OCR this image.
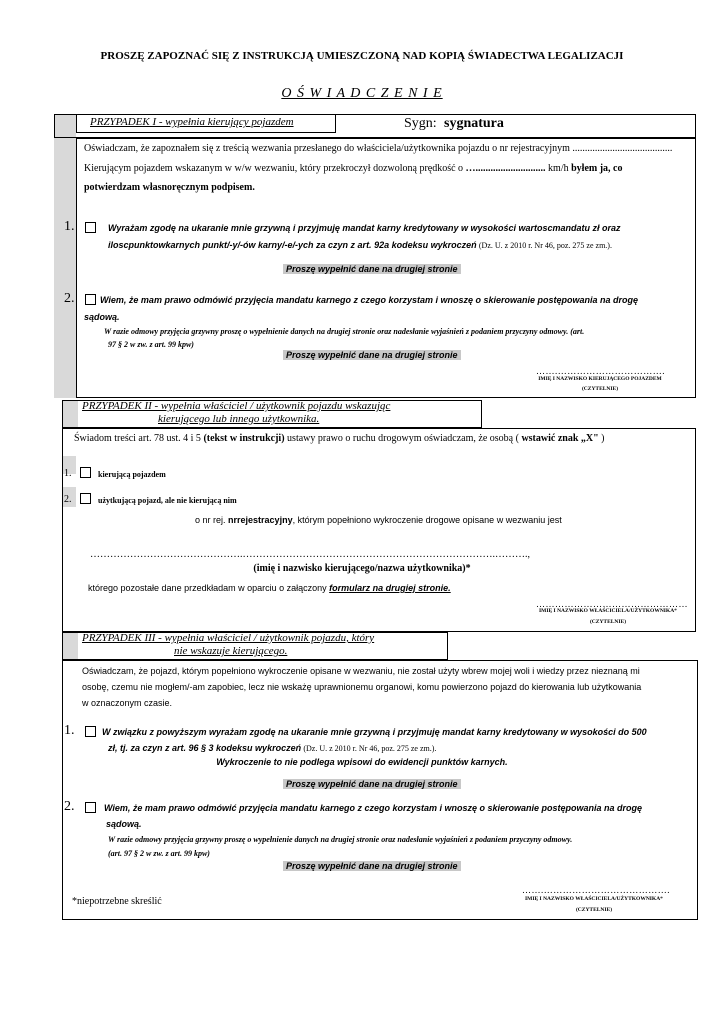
PROSZĘ ZAPOZNAĆ SIĘ Z INSTRUKCJĄ UMIESZCZONĄ NAD KOPIĄ ŚWIADECTWA LEGALIZACJI
O Ś W I A D C Z E N I E
PRZYPADEK I - wypełnia kierujący pojazdem	Sygn: sygnatura
Oświadczam, że zapoznałem się z treścią wezwania przesłanego do właściciela/użytkownika pojazdu o nr rejestracyjnym ........................................
Kierującym pojazdem wskazanym w w/w wezwaniu, który przekroczył dozwoloną prędkość o …............................ km/h byłem ja, co
potwierdzam własnoręcznym podpisem.
1.	Wyrażam zgodę na ukaranie mnie grzywną i przyjmuję mandat karny kredytowany w wysokości wartoscmandatu zł oraz
iloscpunktowkarnych punkt/-y/-ów karny/-e/-ych za czyn z art. 92a kodeksu wykroczeń (Dz. U. z 2010 r. Nr 46, poz. 275 ze zm.).
Proszę wypełnić dane na drugiej stronie
2.	Wiem, że mam prawo odmówić przyjęcia mandatu karnego z czego korzystam i wnoszę o skierowanie postępowania na drogę
sądową.
W razie odmowy przyjęcia grzywny proszę o wypełnienie danych na drugiej stronie oraz nadesłanie wyjaśnień z podaniem przyczyny odmowy. (art.
97 § 2 w zw. z art. 99 kpw)
Proszę wypełnić dane na drugiej stronie
…….…………………………….
IMIĘ I NAZWISKO KIERUJĄCEGO POJAZDEM
(CZYTELNIE)
PRZYPADEK II - wypełnia właściciel / użytkownik pojazdu wskazując
kierującego lub innego użytkownika.
Świadom treści art. 78 ust. 4 i 5 (tekst w instrukcji) ustawy prawo o ruchu drogowym oświadczam, że osobą ( wstawić znak „X" )
1.	kierującą pojazdem
2.	użytkującą pojazd, ale nie kierującą nim
o nr rej. nrrejestracyjny, którym popełniono wykroczenie drogowe opisane w wezwaniu jest
……………………………………….………………………………………………………………….……….,
(imię i nazwisko kierującego/nazwa użytkownika)*
którego pozostałe dane przedkładam w oparciu o załączony formularz na drugiej stronie.
…………………………………………
IMIĘ I NAZWISKO WŁAŚCICIELA/UŻYTKOWNIKA*
(CZYTELNIE)
PRZYPADEK III - wypełnia właściciel / użytkownik pojazdu, który
nie wskazuje kierującego.
Oświadczam, że pojazd, którym popełniono wykroczenie opisane w wezwaniu, nie został użyty wbrew mojej woli i wiedzy przez nieznaną mi
osobę, czemu nie mogłem/-am zapobiec, lecz nie wskażę uprawnionemu organowi, komu powierzono pojazd do kierowania lub użytkowania
w oznaczonym czasie.
1.	W związku z powyższym wyrażam zgodę na ukaranie mnie grzywną i przyjmuję mandat karny kredytowany w wysokości do 500
zł, tj. za czyn z art. 96 § 3 kodeksu wykroczeń (Dz. U. z 2010 r. Nr 46, poz. 275 ze zm.).
Wykroczenie to nie podlega wpisowi do ewidencji punktów karnych.
Proszę wypełnić dane na drugiej stronie
2.	Wiem, że mam prawo odmówić przyjęcia mandatu karnego z czego korzystam i wnoszę o skierowanie postępowania na drogę
sądową.
W razie odmowy przyjęcia grzywny proszę o wypełnienie danych na drugiej stronie oraz nadesłanie wyjaśnień z podaniem przyczyny odmowy.
(art. 97 § 2 w zw. z art. 99 kpw)
Proszę wypełnić dane na drugiej stronie
*niepotrzebne skreślić
…….………………………………….
IMIĘ I NAZWISKO WŁAŚCICIELA/UŻYTKOWNIKA*
(CZYTELNIE)
